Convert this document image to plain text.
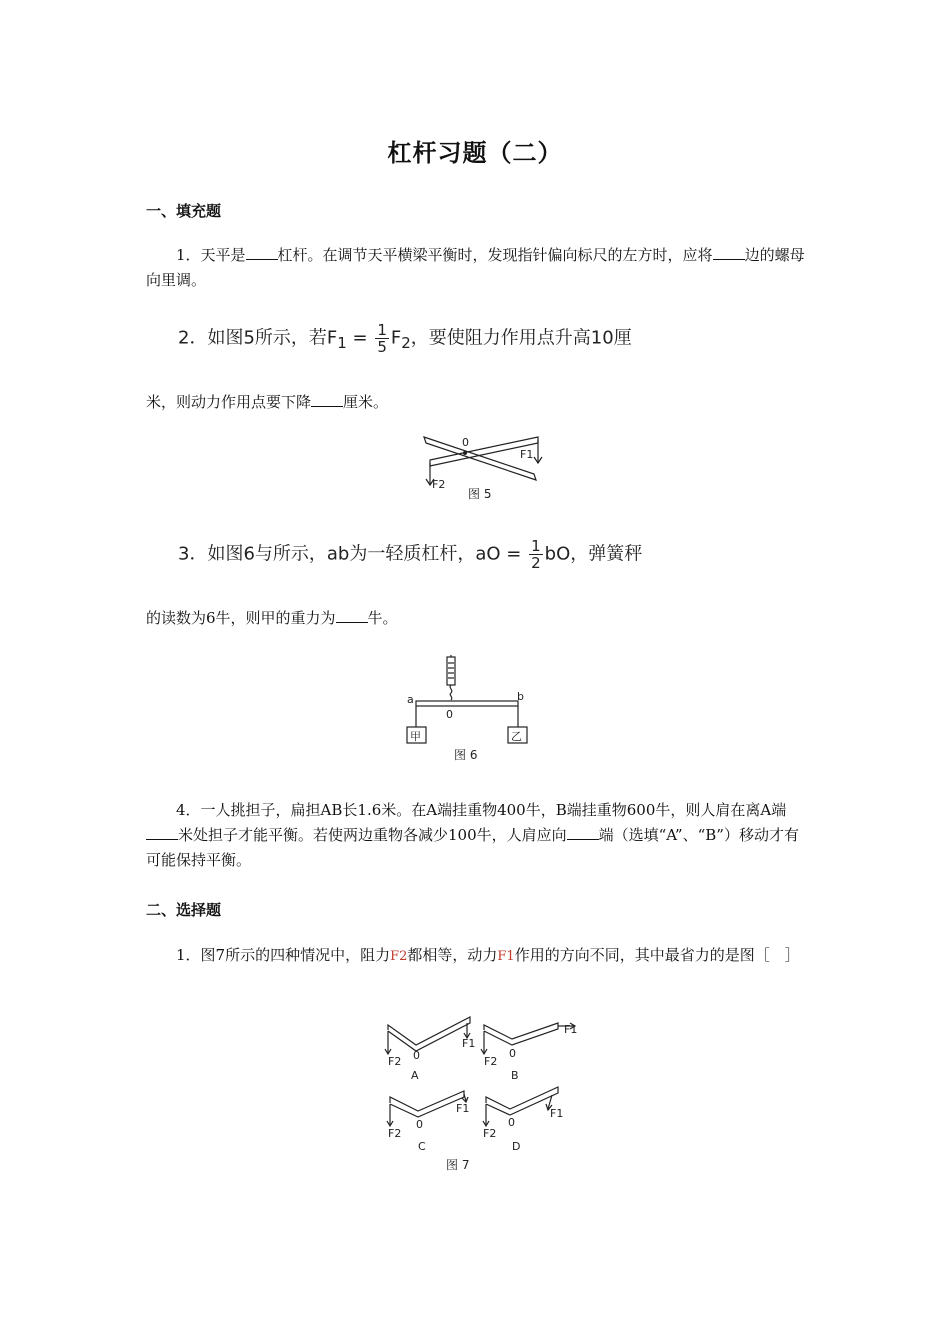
杠杆习题（二）
一、填充题
1．天平是 杠杆。在调节天平横梁平衡时，发现指针偏向标尺的左方时，应将 边的螺母向里调。
2．如图5所示，若$F_1 = \frac{1}{5} F_2$，要使阻力作用点升高10厘
米，则动力作用点要下降 厘米。
0
F1
F2
图 5
3．如图6与所示，ab为一轻质杠杆，aO = $\frac{1}{2}$ bO，弹簧秤
的读数为6牛，则甲的重力为 牛。
a	b
0
甲	乙
图 6
4．一人挑担子，扁担AB长1.6米。在A端挂重物400牛，B端挂重物600牛，则人肩在离A端米处担子才能平衡。若使两边重物各减少100牛，人肩应向 端（选填“A”、“B”）移动才有可能保持平衡。
二、选择题
1．图7所示的四种情况中，阻力F2都相等，动力F1作用的方向不同，其中最省力的是图［　］
F2 0
F1
A
F2
0
F1
B
F2
0
F1
C
F2
0
F1
D
图 7
